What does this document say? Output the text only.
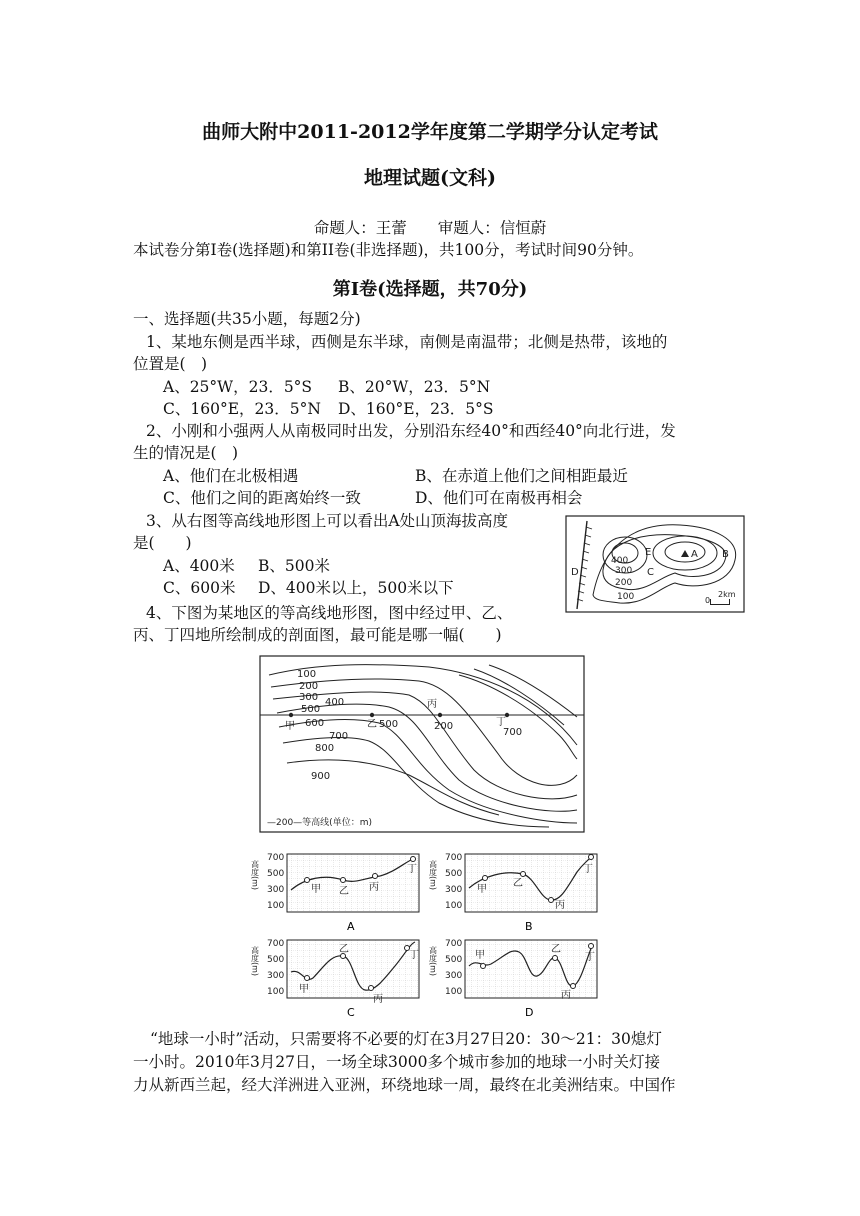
曲师大附中2011-2012学年度第二学期学分认定考试
地理试题(文科)
命题人：王蕾　　审题人：信恒蔚
本试卷分第I卷(选择题)和第II卷(非选择题)，共100分，考试时间90分钟。
第I卷(选择题，共70分)
一、选择题(共35小题，每题2分)
1、某地东侧是西半球，西侧是东半球，南侧是南温带；北侧是热带，该地的
位置是(　)
A、25°W，23．5°S B、20°W，23．5°N
C、160°E，23．5°N D、160°E，23．5°S
2、小刚和小强两人从南极同时出发，分别沿东经40°和西经40°向北行进，发
生的情况是(　)
A、他们在北极相遇	B、在赤道上他们之间相距最近
C、他们之间的距离始终一致	D、他们可在南极再相会
3、从右图等高线地形图上可以看出A处山顶海拔高度
是(　　)
A、400米 B、500米
C、600米 D、400米以上，500米以下
400
300
200
100
E	A B
C
D
0
2km
4、下图为某地区的等高线地形图，图中经过甲、乙、
丙、丁四地所绘制成的剖面图，最可能是哪一幅(　　)
100
200
300 400
500
600	500
700
800
900
200
700
甲	乙
丙
丁
—200—等高线(单位：m)
700
500
300
100
高度(m)	甲 乙 丙
丁
A
700
500
300
100
高度(m)	甲
乙
丙
丁
B
700
500
300
100
高度(m)
甲
乙
丙
丁
C
700
500
300
100
高度(m)	甲
乙
丙
丁
D
“地球一小时”活动，只需要将不必要的灯在3月27日20：30～21：30熄灯
一小时。2010年3月27日，一场全球3000多个城市参加的地球一小时关灯接
力从新西兰起，经大洋洲进入亚洲，环绕地球一周，最终在北美洲结束。中国作
